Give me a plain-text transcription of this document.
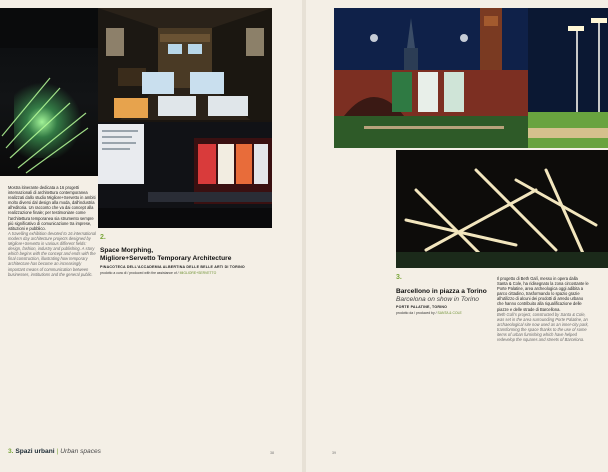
Mostra itinerante dedicata a 16 progetti internazionali di architettura contemporanea realizzati dallo studio Migliore+Servetto in ambiti molto diversi dal design alla moda, dall'industria all'editoria. Un racconto che va dai concept alla realizzazione finale; per testimoniare come l'architettura temporanea sia strumento sempre più significativo di comunicazione tra imprese, istituzioni e pubblico.
A travelling exhibition devoted to 16 international modern day architecture projects designed by Migliore+Servetto in various different fields: design, fashion, industry and publishing. A story which begins with the concept and ends with the final construction, illustrating how temporary architecture has become an increasingly important means of communication between businesses, institutions and the general public.
2.
Space Morphing,
Migliore+Servetto Temporary Architecture
PINACOTECA DELL'ACCADEMIA ALBERTINA DELLE BELLE ARTI DI TORINO
prodotto a cura di / produced with the assistance of / MIGLIORE+SERVETTO
3.
Barcellono in piazza a Torino
Barcelona on show in Torino
PORTE PALATINE, TORINO
prodotto da / produced by / SANTA & COLE
Il progetto di Beth Galí, messo in opera dalla Santa & Cole, ha ridisegnato la zona circostante le Porte Palatine, area archeologica oggi adibita a parco cittadino, trasformando lo spazio grazie all'utilizzo di alcuni dei prodotti di arredo urbano che hanno contribuito alla riqualificazione delle piazze e delle strade di Barcellona.
Beth Galí's project, constructed by Santa & Cole, was set in the area surrounding Porte Palatine, an archaeological site now used as an inner-city park, transforming the space thanks to the use of some items of urban furnishing which have helped redevelop the squares and streets of Barcelona.
3. Spazi urbani | Urban spaces	38	39
